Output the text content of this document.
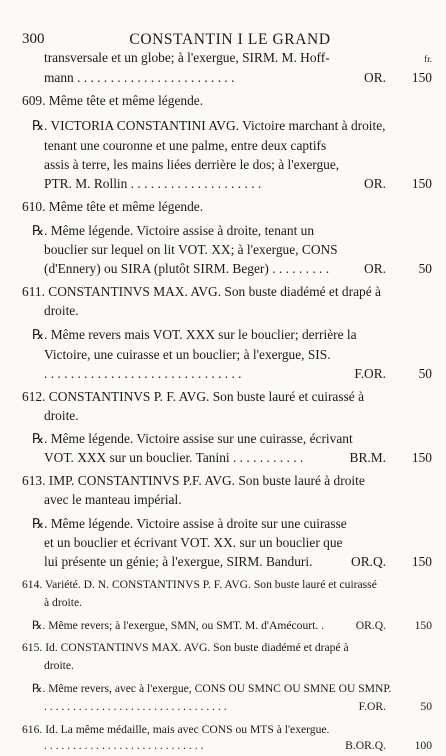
300	CONSTANTIN I LE GRAND
fr.
transversale et un globe; à l'exergue, SIRM. M. Hoff-
mann . . . . . . . . . . . . . . . . . . . . . . . .	OR.	150
609. Même tête et même légende.
℞. VICTORIA CONSTANTINI AVG. Victoire marchant à droite,
tenant une couronne et une palme, entre deux captifs
assis à terre, les mains liées derrière le dos; à l'exergue,
PTR. M. Rollin . . . . . . . . . . . . . . . . . . . .	OR.	150
610. Même tête et même légende.
℞. Même légende. Victoire assise à droite, tenant un
bouclier sur lequel on lit VOT. XX; à l'exergue, CONS
(d'Ennery) ou SIRA (plutôt SIRM. Beger) . . . . . . . . .	OR.	50
611. CONSTANTINVS MAX. AVG. Son buste diadémé et drapé à
droite.
℞. Même revers mais VOT. XXX sur le bouclier; derrière la
Victoire, une cuirasse et un bouclier; à l'exergue, SIS.
. . . . . . . . . . . . . . . . . . . . . . . . . . . . . .	F.OR.	50
612. CONSTANTINVS P. F. AVG. Son buste lauré et cuirassé à
droite.
℞. Même légende. Victoire assise sur une cuirasse, écrivant
VOT. XXX sur un bouclier. Tanini . . . . . . . . . . .	BR.M.	150
613. IMP. CONSTANTINVS P.F. AVG. Son buste lauré à droite
avec le manteau impérial.
℞. Même légende. Victoire assise à droite sur une cuirasse
et un bouclier et écrivant VOT. XX. sur un bouclier que
lui présente un génie; à l'exergue, SIRM. Banduri.	OR.Q.	150
614. Variété. D. N. CONSTANTINVS P. F. AVG. Son buste lauré et cuirassé
à droite.
℞. Même revers; à l'exergue, SMN, ou SMT. M. d'Amécourt. .	OR.Q.	150
615. Id. CONSTANTINVS MAX. AVG. Son buste diadémé et drapé à
droite.
℞. Même revers, avec à l'exergue, CONS OU SMNC OU SMNE OU SMNP.
. . . . . . . . . . . . . . . . . . . . . . . . . . . . . . . .	F.OR.	50
616. Id. La même médaille, mais avec CONS ou MTS à l'exergue.
. . . . . . . . . . . . . . . . . . . . . . . . . . . .	B.OR.Q.	100
